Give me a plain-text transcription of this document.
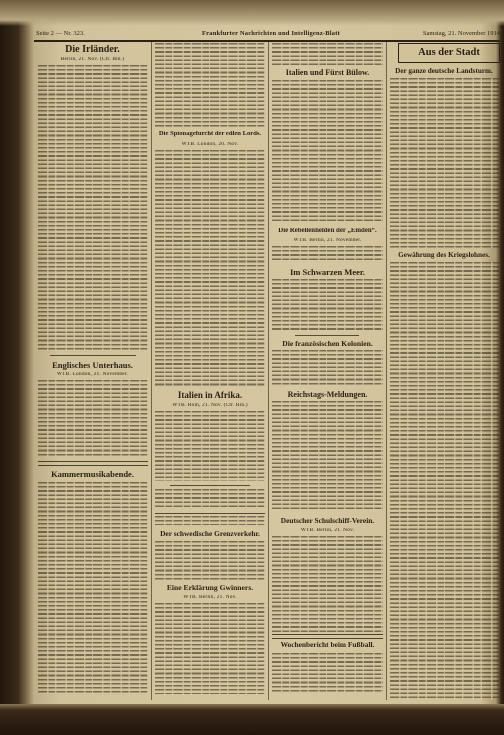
Seite 2 — Nr. 323.	Frankfurter Nachrichten und Intelligenz-Blatt	Samstag, 21. November 1914
Die Irländer.
Berlin, 21. Nov. (Ctr. Bln.)
Englisches Unterhaus.
WTB. London, 21. November.
Kammermusikabende.
Die Spionagefurcht der edlen Lords.
WTB. London, 20. Nov.
Italien in Afrika.
WTB. Rom, 21. Nov. (Ctr. Bln.)
Der schwedische Grenzverkehr.
Eine Erklärung Gwinners.
WTB. Berlin, 21. Nov.
Italien und Fürst Bülow.
Die Rebellenhelden der „Emden“.
WTB. Berlin, 21. November.
Im Schwarzen Meer.
Die französischen Kolonien.
Reichstags-Meldungen.
Deutscher Schulschiff-Verein.
WTB. Berlin, 21. Nov.
Wochenbericht beim Fußball.
Aus der Stadt
Der ganze deutsche Landsturm.
Gewährung des Kriegslohnes.
